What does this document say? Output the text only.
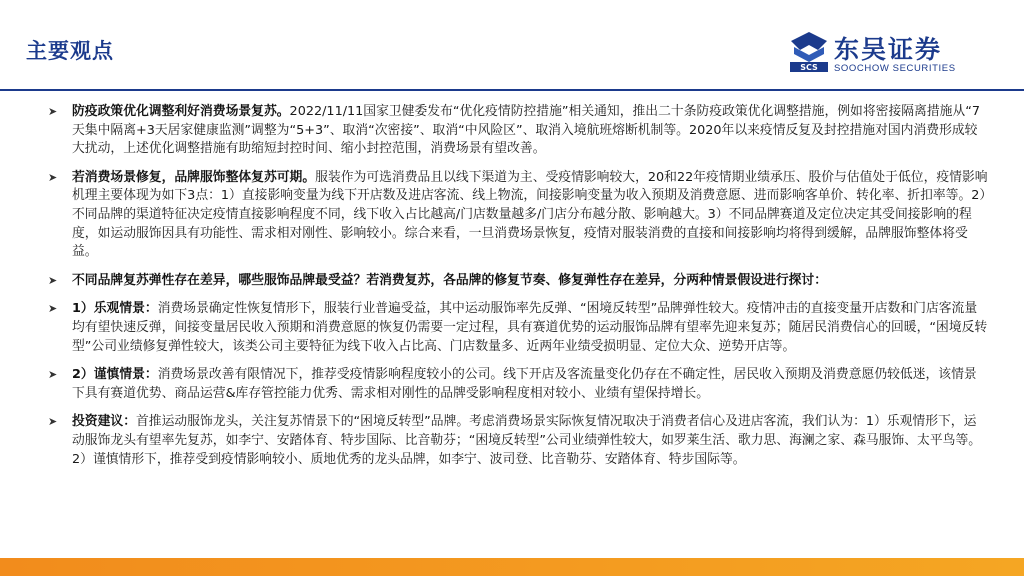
主要观点
SCS
东吴证券
SOOCHOW SECURITIES
➤ 防疫政策优化调整利好消费场景复苏。2022/11/11国家卫健委发布“优化疫情防控措施”相关通知，推出二十条防疫政策优化调整措施，例如将密接隔离措施从“7天集中隔离+3天居家健康监测”调整为“5+3”、取消“次密接”、取消“中风险区”、取消入境航班熔断机制等。2020年以来疫情反复及封控措施对国内消费形成较大扰动，上述优化调整措施有助缩短封控时间、缩小封控范围，消费场景有望改善。
➤ 若消费场景修复，品牌服饰整体复苏可期。服装作为可选消费品且以线下渠道为主、受疫情影响较大，20和22年疫情期业绩承压、股价与估值处于低位，疫情影响机理主要体现为如下3点：1）直接影响变量为线下开店数及进店客流、线上物流，间接影响变量为收入预期及消费意愿、进而影响客单价、转化率、折扣率等。2）不同品牌的渠道特征决定疫情直接影响程度不同，线下收入占比越高/门店数量越多/门店分布越分散、影响越大。3）不同品牌赛道及定位决定其受间接影响的程度，如运动服饰因具有功能性、需求相对刚性、影响较小。综合来看，一旦消费场景恢复，疫情对服装消费的直接和间接影响均将得到缓解，品牌服饰整体将受益。
➤ 不同品牌复苏弹性存在差异，哪些服饰品牌最受益？若消费复苏，各品牌的修复节奏、修复弹性存在差异，分两种情景假设进行探讨：
➤ 1）乐观情景：消费场景确定性恢复情形下，服装行业普遍受益，其中运动服饰率先反弹、“困境反转型”品牌弹性较大。疫情冲击的直接变量开店数和门店客流量均有望快速反弹，间接变量居民收入预期和消费意愿的恢复仍需要一定过程，具有赛道优势的运动服饰品牌有望率先迎来复苏；随居民消费信心的回暖，“困境反转型”公司业绩修复弹性较大，该类公司主要特征为线下收入占比高、门店数量多、近两年业绩受损明显、定位大众、逆势开店等。
➤ 2）谨慎情景：消费场景改善有限情况下，推荐受疫情影响程度较小的公司。线下开店及客流量变化仍存在不确定性，居民收入预期及消费意愿仍较低迷，该情景下具有赛道优势、商品运营&库存管控能力优秀、需求相对刚性的品牌受影响程度相对较小、业绩有望保持增长。
➤ 投资建议：首推运动服饰龙头，关注复苏情景下的“困境反转型”品牌。考虑消费场景实际恢复情况取决于消费者信心及进店客流，我们认为：1）乐观情形下，运动服饰龙头有望率先复苏，如李宁、安踏体育、特步国际、比音勒芬；“困境反转型”公司业绩弹性较大，如罗莱生活、歌力思、海澜之家、森马服饰、太平鸟等。2）谨慎情形下，推荐受到疫情影响较小、质地优秀的龙头品牌，如李宁、波司登、比音勒芬、安踏体育、特步国际等。
